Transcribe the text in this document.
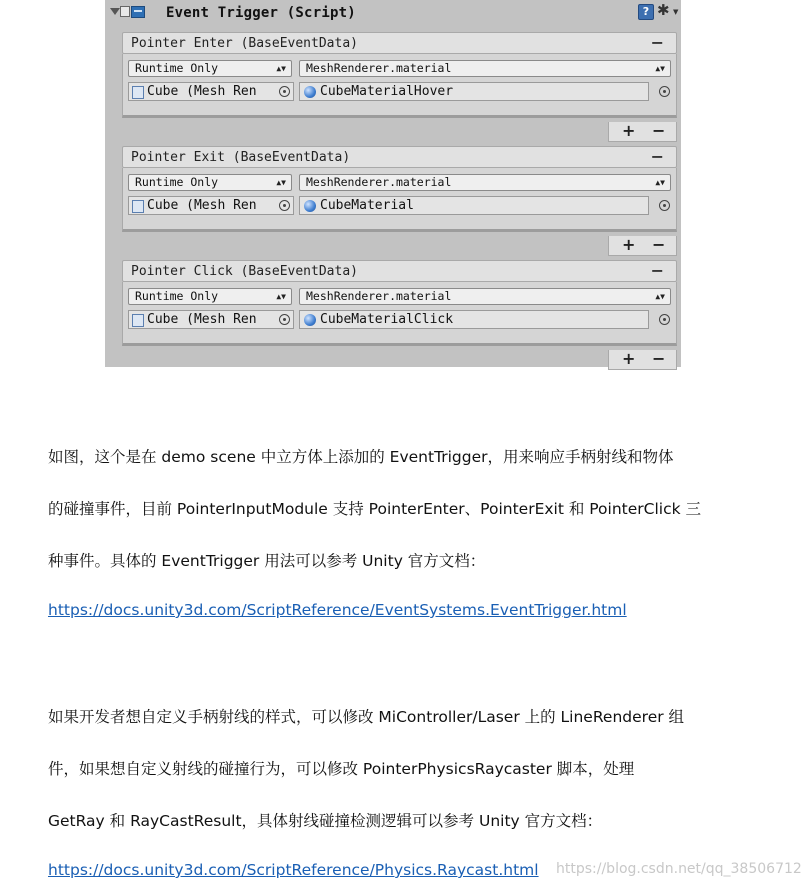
Event Trigger (Script)	? ✱ ▼
Pointer Enter (BaseEventData)	−
Runtime Only	▲▼	MeshRenderer.material	▲▼
Cube (Mesh Ren	CubeMaterialHover
+ −
Pointer Exit (BaseEventData)	−
Runtime Only	▲▼	MeshRenderer.material	▲▼
Cube (Mesh Ren	CubeMaterial
+ −
Pointer Click (BaseEventData)	−
Runtime Only	▲▼	MeshRenderer.material	▲▼
Cube (Mesh Ren	CubeMaterialClick
+ −
如图，这个是在 demo scene 中立方体上添加的 EventTrigger，用来响应手柄射线和物体
的碰撞事件，目前 PointerInputModule 支持 PointerEnter、PointerExit 和 PointerClick 三
种事件。具体的 EventTrigger 用法可以参考 Unity 官方文档：
https://docs.unity3d.com/ScriptReference/EventSystems.EventTrigger.html
如果开发者想自定义手柄射线的样式，可以修改 MiController/Laser 上的 LineRenderer 组
件，如果想自定义射线的碰撞行为，可以修改 PointerPhysicsRaycaster 脚本，处理
GetRay 和 RayCastResult，具体射线碰撞检测逻辑可以参考 Unity 官方文档：
https://docs.unity3d.com/ScriptReference/Physics.Raycast.html https://blog.csdn.net/qq_38506712
